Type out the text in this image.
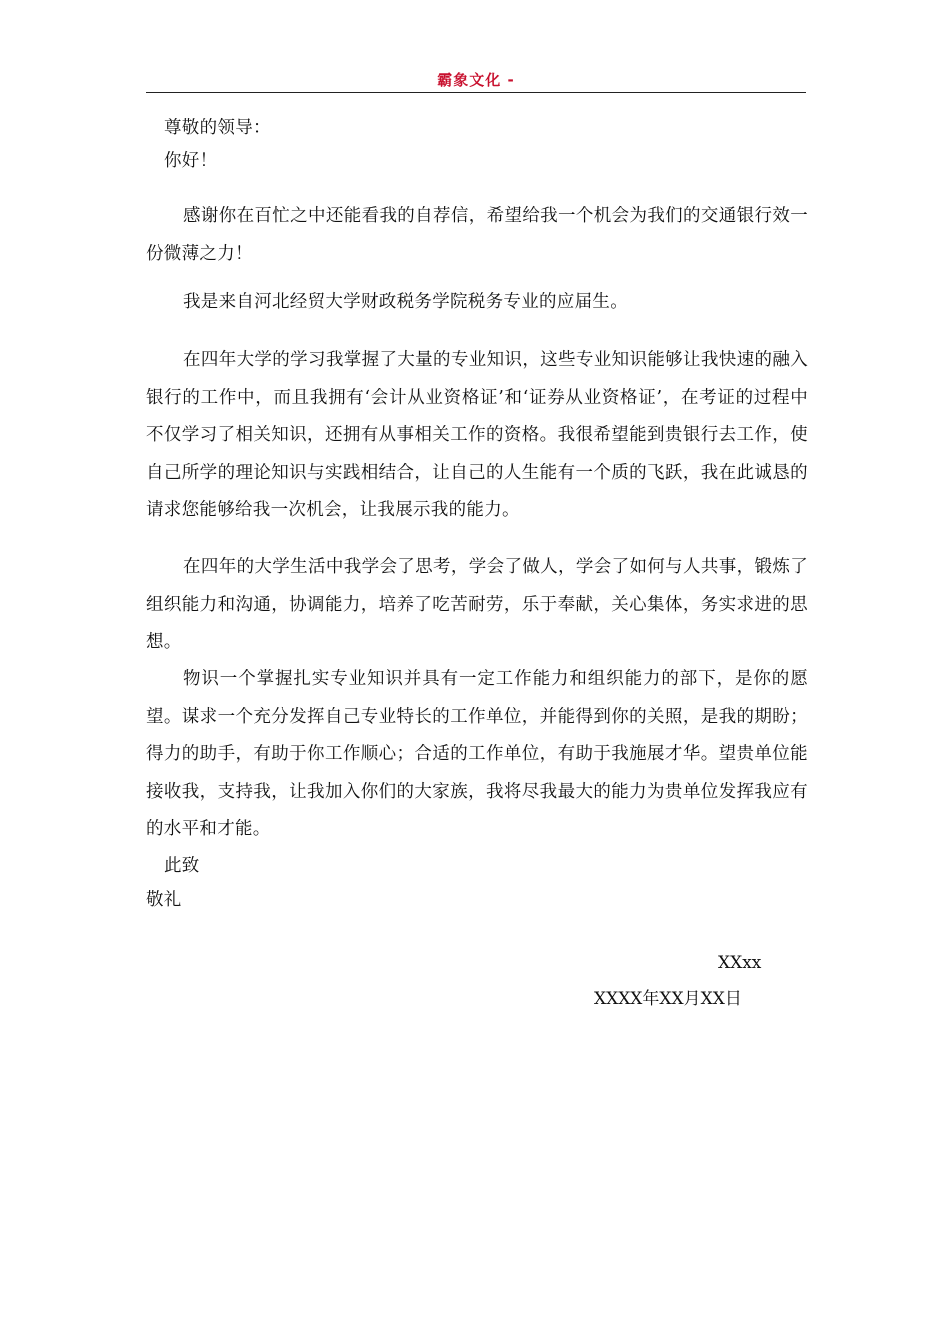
霸象文化 -
尊敬的领导：
你好！
感谢你在百忙之中还能看我的自荐信，希望给我一个机会为我们的交通银行效一份微薄之力！
我是来自河北经贸大学财政税务学院税务专业的应届生。
在四年大学的学习我掌握了大量的专业知识，这些专业知识能够让我快速的融入银行的工作中，而且我拥有‘会计从业资格证’和‘证券从业资格证’，在考证的过程中不仅学习了相关知识，还拥有从事相关工作的资格。我很希望能到贵银行去工作，使自己所学的理论知识与实践相结合，让自己的人生能有一个质的飞跃，我在此诚恳的请求您能够给我一次机会，让我展示我的能力。
在四年的大学生活中我学会了思考，学会了做人，学会了如何与人共事，锻炼了组织能力和沟通，协调能力，培养了吃苦耐劳，乐于奉献，关心集体，务实求进的思想。
物识一个掌握扎实专业知识并具有一定工作能力和组织能力的部下，是你的愿望。谋求一个充分发挥自己专业特长的工作单位，并能得到你的关照，是我的期盼；得力的助手，有助于你工作顺心；合适的工作单位，有助于我施展才华。望贵单位能接收我，支持我，让我加入你们的大家族，我将尽我最大的能力为贵单位发挥我应有的水平和才能。
此致
敬礼
XXxx
XXXX年XX月XX日
